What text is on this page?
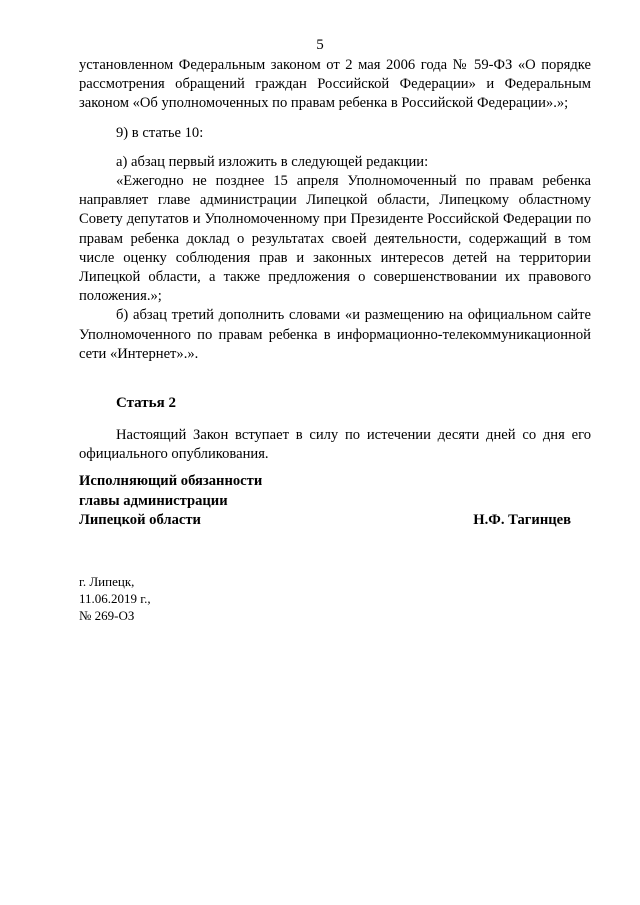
5

установленном Федеральным законом от 2 мая 2006 года № 59-ФЗ «О порядке рассмотрения обращений граждан Российской Федерации» и Федеральным законом «Об уполномоченных по правам ребенка в Российской Федерации».»;

9) в статье 10:

а) абзац первый изложить в следующей редакции:

«Ежегодно не позднее 15 апреля Уполномоченный по правам ребенка направляет главе администрации Липецкой области, Липецкому областному Совету депутатов и Уполномоченному при Президенте Российской Федерации по правам ребенка доклад о результатах своей деятельности, содержащий в том числе оценку соблюдения прав и законных интересов детей на территории Липецкой области, а также предложения о совершенствовании их правового положения.»;

б) абзац третий дополнить словами «и размещению на официальном сайте Уполномоченного по правам ребенка в информационно-телекоммуникационной сети «Интернет».».

Статья 2

Настоящий Закон вступает в силу по истечении десяти дней со дня его официального опубликования.

Исполняющий обязанности
главы администрации
Липецкой области	Н.Ф. Тагинцев
г. Липецк,
11.06.2019 г.,
№ 269-ОЗ
